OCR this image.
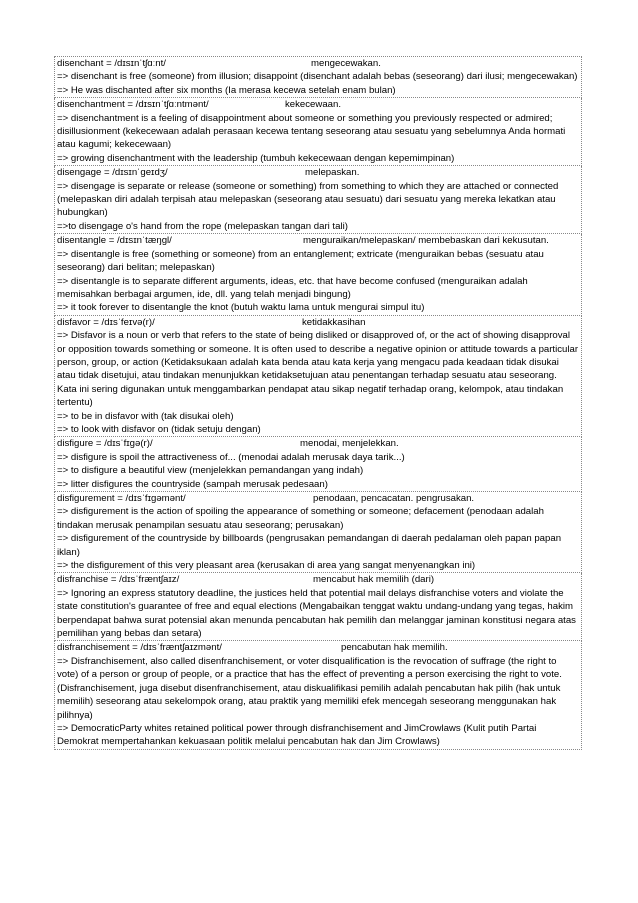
disenchant = /dɪsɪnˈtʃɑːnt/	mengecewakan.
=> disenchant is free (someone) from illusion; disappoint (disenchant adalah bebas (seseorang) dari ilusi; mengecewakan)
=> He was dischanted after six months (Ia merasa kecewa setelah enam bulan)
disenchantment = /dɪsɪnˈtʃɑːntmənt/	kekecewaan.
=> disenchantment is a feeling of disappointment about someone or something you previously respected or admired; disillusionment (kekecewaan adalah perasaan kecewa tentang seseorang atau sesuatu yang sebelumnya Anda hormati atau kagumi; kekecewaan)
=> growing disenchantment with the leadership (tumbuh kekecewaan dengan kepemimpinan)
disengage = /dɪsɪnˈɡeɪdʒ/	melepaskan.
=> disengage is separate or release (someone or something) from something to which they are attached or connected (melepaskan diri adalah terpisah atau melepaskan (seseorang atau sesuatu) dari sesuatu yang mereka lekatkan atau hubungkan)
=>to disengage o's hand from the rope (melepaskan tangan dari tali)
disentangle = /dɪsɪnˈtæŋɡl/	menguraikan/melepaskan/ membebaskan dari kekusutan.
=> disentangle is free (something or someone) from an entanglement; extricate (menguraikan bebas (sesuatu atau seseorang) dari belitan; melepaskan)
=> disentangle is to separate different arguments, ideas, etc. that have become confused (menguraikan adalah memisahkan berbagai argumen, ide, dll. yang telah menjadi bingung)
=> it took forever to disentangle the knot (butuh waktu lama untuk mengurai simpul itu)
disfavor = /dɪsˈfeɪvə(r)/	ketidakkasihan
=> Disfavor is a noun or verb that refers to the state of being disliked or disapproved of, or the act of showing disapproval or opposition towards something or someone. It is often used to describe a negative opinion or attitude towards a particular person, group, or action (Ketidaksukaan adalah kata benda atau kata kerja yang mengacu pada keadaan tidak disukai atau tidak disetujui, atau tindakan menunjukkan ketidaksetujuan atau penentangan terhadap sesuatu atau seseorang. Kata ini sering digunakan untuk menggambarkan pendapat atau sikap negatif terhadap orang, kelompok, atau tindakan tertentu)
=> to be in disfavor with (tak disukai oleh)
=> to look with disfavor on (tidak setuju dengan)
disfigure = /dɪsˈfɪɡə(r)/	menodai, menjelekkan.
=> disfigure is spoil the attractiveness of... (menodai adalah merusak daya tarik...)
=> to disfigure a beautiful view (menjelekkan pemandangan yang indah)
=> litter disfigures the countryside (sampah merusak pedesaan)
disfigurement = /dɪsˈfɪɡəmənt/	penodaan, pencacatan. pengrusakan.
=> disfigurement is the action of spoiling the appearance of something or someone; defacement (penodaan adalah tindakan merusak penampilan sesuatu atau seseorang; perusakan)
=> disfigurement of the countryside by billboards (pengrusakan pemandangan di daerah pedalaman oleh papan papan iklan)
=> the disfigurement of this very pleasant area (kerusakan di area yang sangat menyenangkan ini)
disfranchise = /dɪsˈfræntʃaɪz/	mencabut hak memilih (dari)
=> Ignoring an express statutory deadline, the justices held that potential mail delays disfranchise voters and violate the state constitution's guarantee of free and equal elections (Mengabaikan tenggat waktu undang-undang yang tegas, hakim berpendapat bahwa surat potensial akan menunda pencabutan hak pemilih dan melanggar jaminan konstitusi negara atas pemilihan yang bebas dan setara)
disfranchisement = /dɪsˈfræntʃaɪzmənt/	pencabutan hak memilih.
=> Disfranchisement, also called disenfranchisement, or voter disqualification is the revocation of suffrage (the right to vote) of a person or group of people, or a practice that has the effect of preventing a person exercising the right to vote. (Disfranchisement, juga disebut disenfranchisement, atau diskualifikasi pemilih adalah pencabutan hak pilih (hak untuk memilih) seseorang atau sekelompok orang, atau praktik yang memiliki efek mencegah seseorang menggunakan hak pilihnya)
=> DemocraticParty whites retained political power through disfranchisement and JimCrowlaws (Kulit putih Partai Demokrat mempertahankan kekuasaan politik melalui pencabutan hak dan Jim Crowlaws)
